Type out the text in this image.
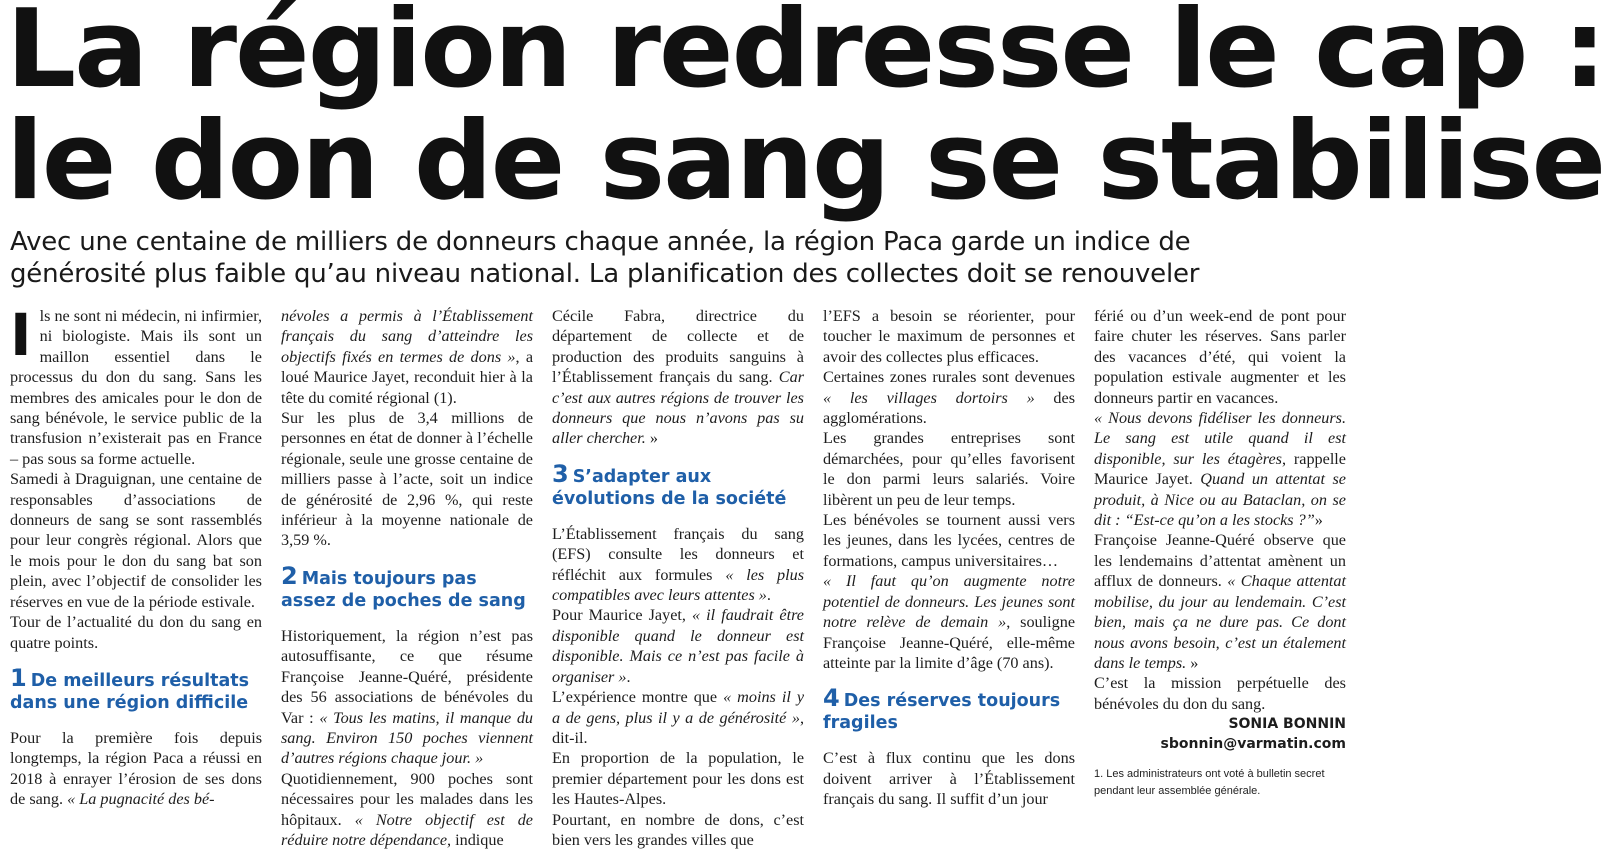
La région redresse le cap :
le don de sang se stabilise
Avec une centaine de milliers de donneurs chaque année, la région Paca garde un indice de
générosité plus faible qu’au niveau national. La planification des collectes doit se renouveler

Ils ne sont ni médecin, ni infirmier, ni biologiste. Mais ils sont un maillon essentiel dans le processus du don du sang. Sans les membres des amicales pour le don de sang bénévole, le service public de la transfusion n’existerait pas en France – pas sous sa forme actuelle.

Samedi à Draguignan, une centaine de responsables d’associations de donneurs de sang se sont rassemblés pour leur congrès régional. Alors que le mois pour le don du sang bat son plein, avec l’objectif de consolider les réserves en vue de la période estivale.

Tour de l’actualité du don du sang en quatre points.

1 De meilleurs résultats dans une région difficile

Pour la première fois depuis longtemps, la région Paca a réussi en 2018 à enrayer l’érosion de ses dons de sang. « La pugnacité des bé-

névoles a permis à l’Établissement français du sang d’atteindre les objectifs fixés en termes de dons », a loué Maurice Jayet, reconduit hier à la tête du comité régional (1).

Sur les plus de 3,4 millions de personnes en état de donner à l’échelle régionale, seule une grosse centaine de milliers passe à l’acte, soit un indice de générosité de 2,96 %, qui reste inférieur à la moyenne nationale de 3,59 %.

2 Mais toujours pas assez de poches de sang

Historiquement, la région n’est pas autosuffisante, ce que résume Françoise Jeanne-Quéré, présidente des 56 associations de bénévoles du Var : « Tous les matins, il manque du sang. Environ 150 poches viennent d’autres régions chaque jour. »

Quotidiennement, 900 poches sont nécessaires pour les malades dans les hôpitaux. « Notre objectif est de réduire notre dépendance, indique

Cécile Fabra, directrice du département de collecte et de production des produits sanguins à l’Établissement français du sang. Car c’est aux autres régions de trouver les donneurs que nous n’avons pas su aller chercher. »

3 S’adapter aux évolutions de la société

L’Établissement français du sang (EFS) consulte les donneurs et réfléchit aux formules « les plus compatibles avec leurs attentes ».

Pour Maurice Jayet, « il faudrait être disponible quand le donneur est disponible. Mais ce n’est pas facile à organiser ».

L’expérience montre que « moins il y a de gens, plus il y a de générosité », dit-il.

En proportion de la population, le premier département pour les dons est les Hautes-Alpes.

Pourtant, en nombre de dons, c’est bien vers les grandes villes que

l’EFS a besoin se réorienter, pour toucher le maximum de personnes et avoir des collectes plus efficaces.

Certaines zones rurales sont devenues « les villages dortoirs » des agglomérations.

Les grandes entreprises sont démarchées, pour qu’elles favorisent le don parmi leurs salariés. Voire libèrent un peu de leur temps.

Les bénévoles se tournent aussi vers les jeunes, dans les lycées, centres de formations, campus universitaires…

« Il faut qu’on augmente notre potentiel de donneurs. Les jeunes sont notre relève de demain », souligne Françoise Jeanne-Quéré, elle-même atteinte par la limite d’âge (70 ans).

4 Des réserves toujours fragiles

C’est à flux continu que les dons doivent arriver à l’Établissement français du sang. Il suffit d’un jour

férié ou d’un week-end de pont pour faire chuter les réserves. Sans parler des vacances d’été, qui voient la population estivale augmenter et les donneurs partir en vacances.

« Nous devons fidéliser les donneurs. Le sang est utile quand il est disponible, sur les étagères, rappelle Maurice Jayet. Quand un attentat se produit, à Nice ou au Bataclan, on se dit : “Est-ce qu’on a les stocks ?”»

Françoise Jeanne-Quéré observe que les lendemains d’attentat amènent un afflux de donneurs. « Chaque attentat mobilise, du jour au lendemain. C’est bien, mais ça ne dure pas. Ce dont nous avons besoin, c’est un étalement dans le temps. »

C’est la mission perpétuelle des bénévoles du don du sang.

SONIA BONNIN
sbonnin@varmatin.com
1. Les administrateurs ont voté à bulletin secret pendant leur assemblée générale.
